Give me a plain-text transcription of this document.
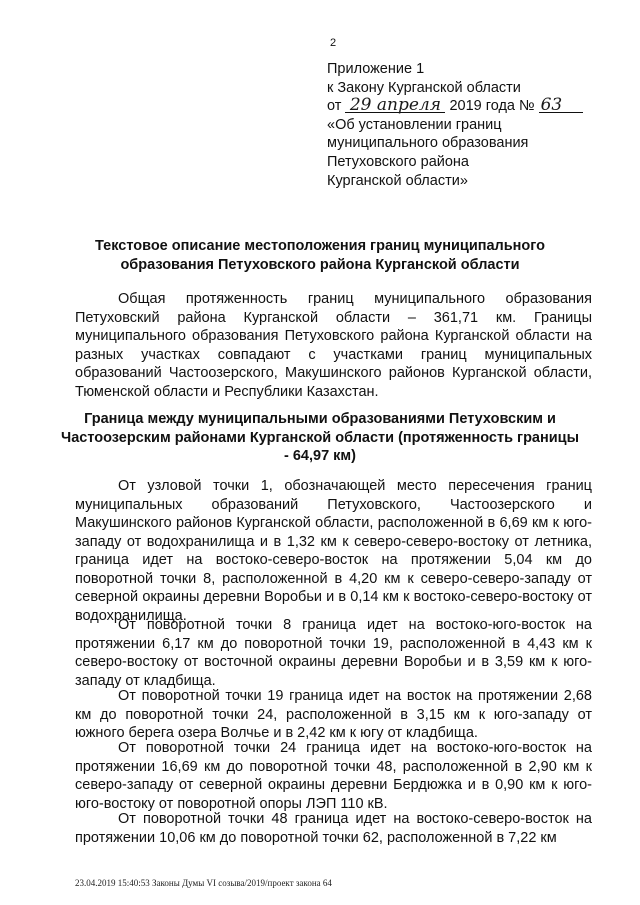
2
Приложение 1
к Закону Курганской области
от 29 апреля 2019 года № 63
«Об установлении границ
муниципального образования
Петуховского района
Курганской области»
Текстовое описание местоположения границ муниципального образования Петуховского района Курганской области

Общая протяженность границ муниципального образования Петуховский района Курганской области – 361,71 км. Границы муниципального образования Петуховского района Курганской области на разных участках совпадают с участками границ муниципальных образований Частоозерского, Макушинского районов Курганской области, Тюменской области и Республики Казахстан.

Граница между муниципальными образованиями Петуховским и Частоозерским районами Курганской области (протяженность границы - 64,97 км)

От узловой точки 1, обозначающей место пересечения границ муниципальных образований Петуховского, Частоозерского и Макушинского районов Курганской области, расположенной в 6,69 км к юго-западу от водохранилища и в 1,32 км к северо-северо-востоку от летника, граница идет на востоко-северо-восток на протяжении 5,04 км до поворотной точки 8, расположенной в 4,20 км к северо-северо-западу от северной окраины деревни Воробьи и в 0,14 км к востоко-северо-востоку от водохранилища.

От поворотной точки 8 граница идет на востоко-юго-восток на протяжении 6,17 км до поворотной точки 19, расположенной в 4,43 км к северо-востоку от восточной окраины деревни Воробьи и в 3,59 км к юго-западу от кладбища.

От поворотной точки 19 граница идет на восток на протяжении 2,68 км до поворотной точки 24, расположенной в 3,15 км к юго-западу от южного берега озера Волчье и в 2,42 км к югу от кладбища.

От поворотной точки 24 граница идет на востоко-юго-восток на протяжении 16,69 км до поворотной точки 48, расположенной в 2,90 км к северо-западу от северной окраины деревни Бердюжка и в 0,90 км к юго-юго-востоку от поворотной опоры ЛЭП 110 кВ.

От поворотной точки 48 граница идет на востоко-северо-восток на протяжении 10,06 км до поворотной точки 62, расположенной в 7,22 км

23.04.2019 15:40:53 Законы Думы VI созыва/2019/проект закона 64
